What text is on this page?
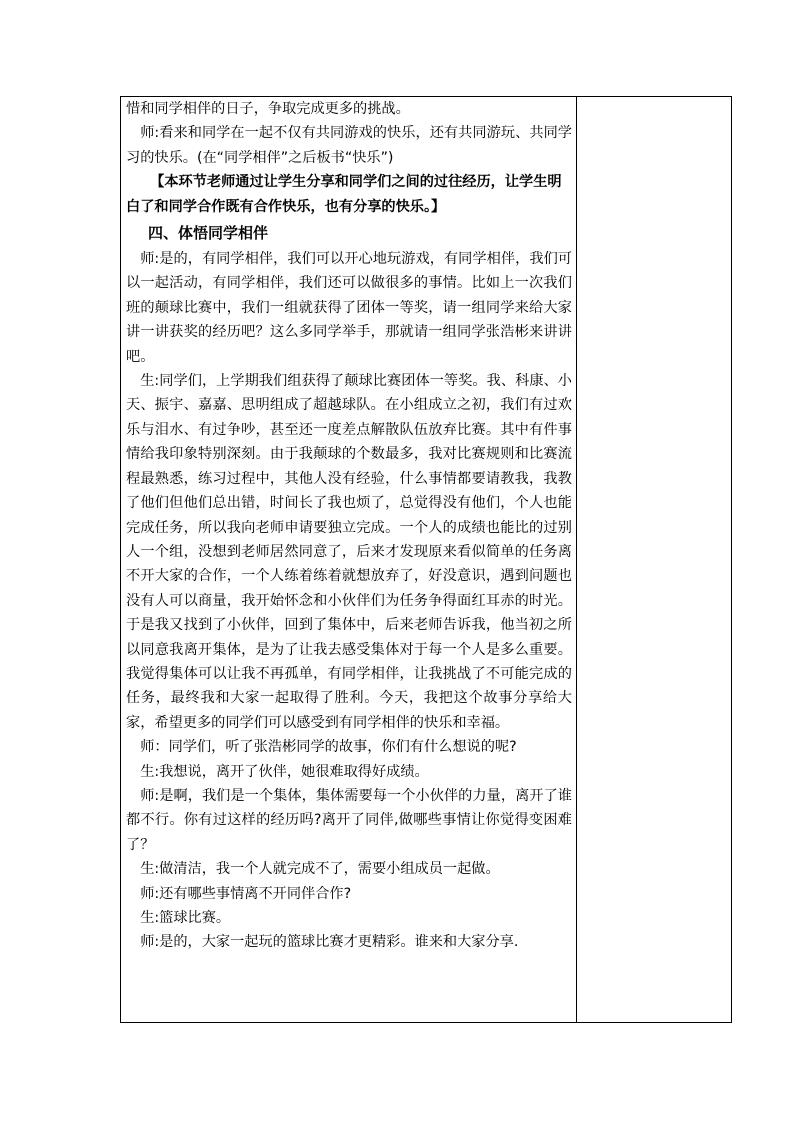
惜和同学相伴的日子，争取完成更多的挑战。

师:看来和同学在一起不仅有共同游戏的快乐，还有共同游玩、共同学习的快乐。(在“同学相伴”之后板书“快乐”)

【本环节老师通过让学生分享和同学们之间的过往经历，让学生明白了和同学合作既有合作快乐，也有分享的快乐。】

四、体悟同学相伴

师:是的，有同学相伴，我们可以开心地玩游戏，有同学相伴，我们可以一起活动，有同学相伴，我们还可以做很多的事情。比如上一次我们班的颠球比赛中，我们一组就获得了团体一等奖，请一组同学来给大家讲一讲获奖的经历吧？这么多同学举手，那就请一组同学张浩彬来讲讲吧。

生:同学们，上学期我们组获得了颠球比赛团体一等奖。我、科康、小天、振宇、嘉嘉、思明组成了超越球队。在小组成立之初，我们有过欢乐与泪水、有过争吵，甚至还一度差点解散队伍放弃比赛。其中有件事情给我印象特别深刻。由于我颠球的个数最多，我对比赛规则和比赛流程最熟悉，练习过程中，其他人没有经验，什么事情都要请教我，我教了他们但他们总出错，时间长了我也烦了，总觉得没有他们，个人也能完成任务，所以我向老师申请要独立完成。一个人的成绩也能比的过别人一个组，没想到老师居然同意了，后来才发现原来看似简单的任务离不开大家的合作，一个人练着练着就想放弃了，好没意识，遇到问题也没有人可以商量，我开始怀念和小伙伴们为任务争得面红耳赤的时光。于是我又找到了小伙伴，回到了集体中，后来老师告诉我，他当初之所以同意我离开集体，是为了让我去感受集体对于每一个人是多么重要。我觉得集体可以让我不再孤单，有同学相伴，让我挑战了不可能完成的任务，最终我和大家一起取得了胜利。今天，我把这个故事分享给大家，希望更多的同学们可以感受到有同学相伴的快乐和幸福。

师：同学们，听了张浩彬同学的故事，你们有什么想说的呢?

生:我想说，离开了伙伴，她很难取得好成绩。

师:是啊，我们是一个集体，集体需要每一个小伙伴的力量，离开了谁都不行。你有过这样的经历吗?离开了同伴,做哪些事情让你觉得变困难了？

生:做清洁，我一个人就完成不了，需要小组成员一起做。

师:还有哪些事情离不开同伴合作?

生:篮球比赛。

师:是的，大家一起玩的篮球比赛才更精彩。谁来和大家分享.
